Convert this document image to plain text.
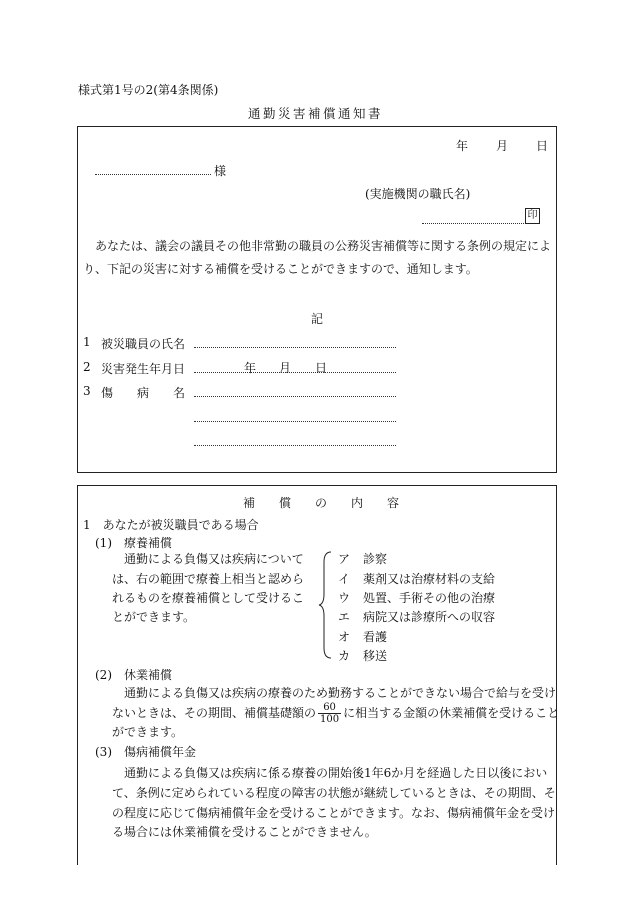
様式第1号の2(第4条関係)
通勤災害補償通知書
年 月 日
様
(実施機関の職氏名)
印
あなたは、議会の議員その他非常勤の職員の公務災害補償等に関する条例の規定によ
り、下記の災害に対する補償を受けることができますので、通知します。
記
1 被災職員の氏名
2 災害発生年月日	年 月 日
3 傷　　病　　名
補　　償　　の　　内　　容
1　あなたが被災職員である場合
(1)　療養補償
通勤による負傷又は疾病について
は、右の範囲で療養上相当と認めら
れるものを療養補償として受けるこ
とができます。
ア 診察
イ 薬剤又は治療材料の支給
ウ 処置、手術その他の治療
エ 病院又は診療所への収容
オ 看護
カ 移送
(2)　休業補償
通勤による負傷又は疾病の療養のため勤務することができない場合で給与を受け
ないときは、その期間、補償基礎額の $\frac{60}{100}$ に相当する金額の休業補償を受けること
ができます。
(3)　傷病補償年金
通勤による負傷又は疾病に係る療養の開始後1年6か月を経過した日以後におい
て、条例に定められている程度の障害の状態が継続しているときは、その期間、そ
の程度に応じて傷病補償年金を受けることができます。なお、傷病補償年金を受け
る場合には休業補償を受けることができません。
